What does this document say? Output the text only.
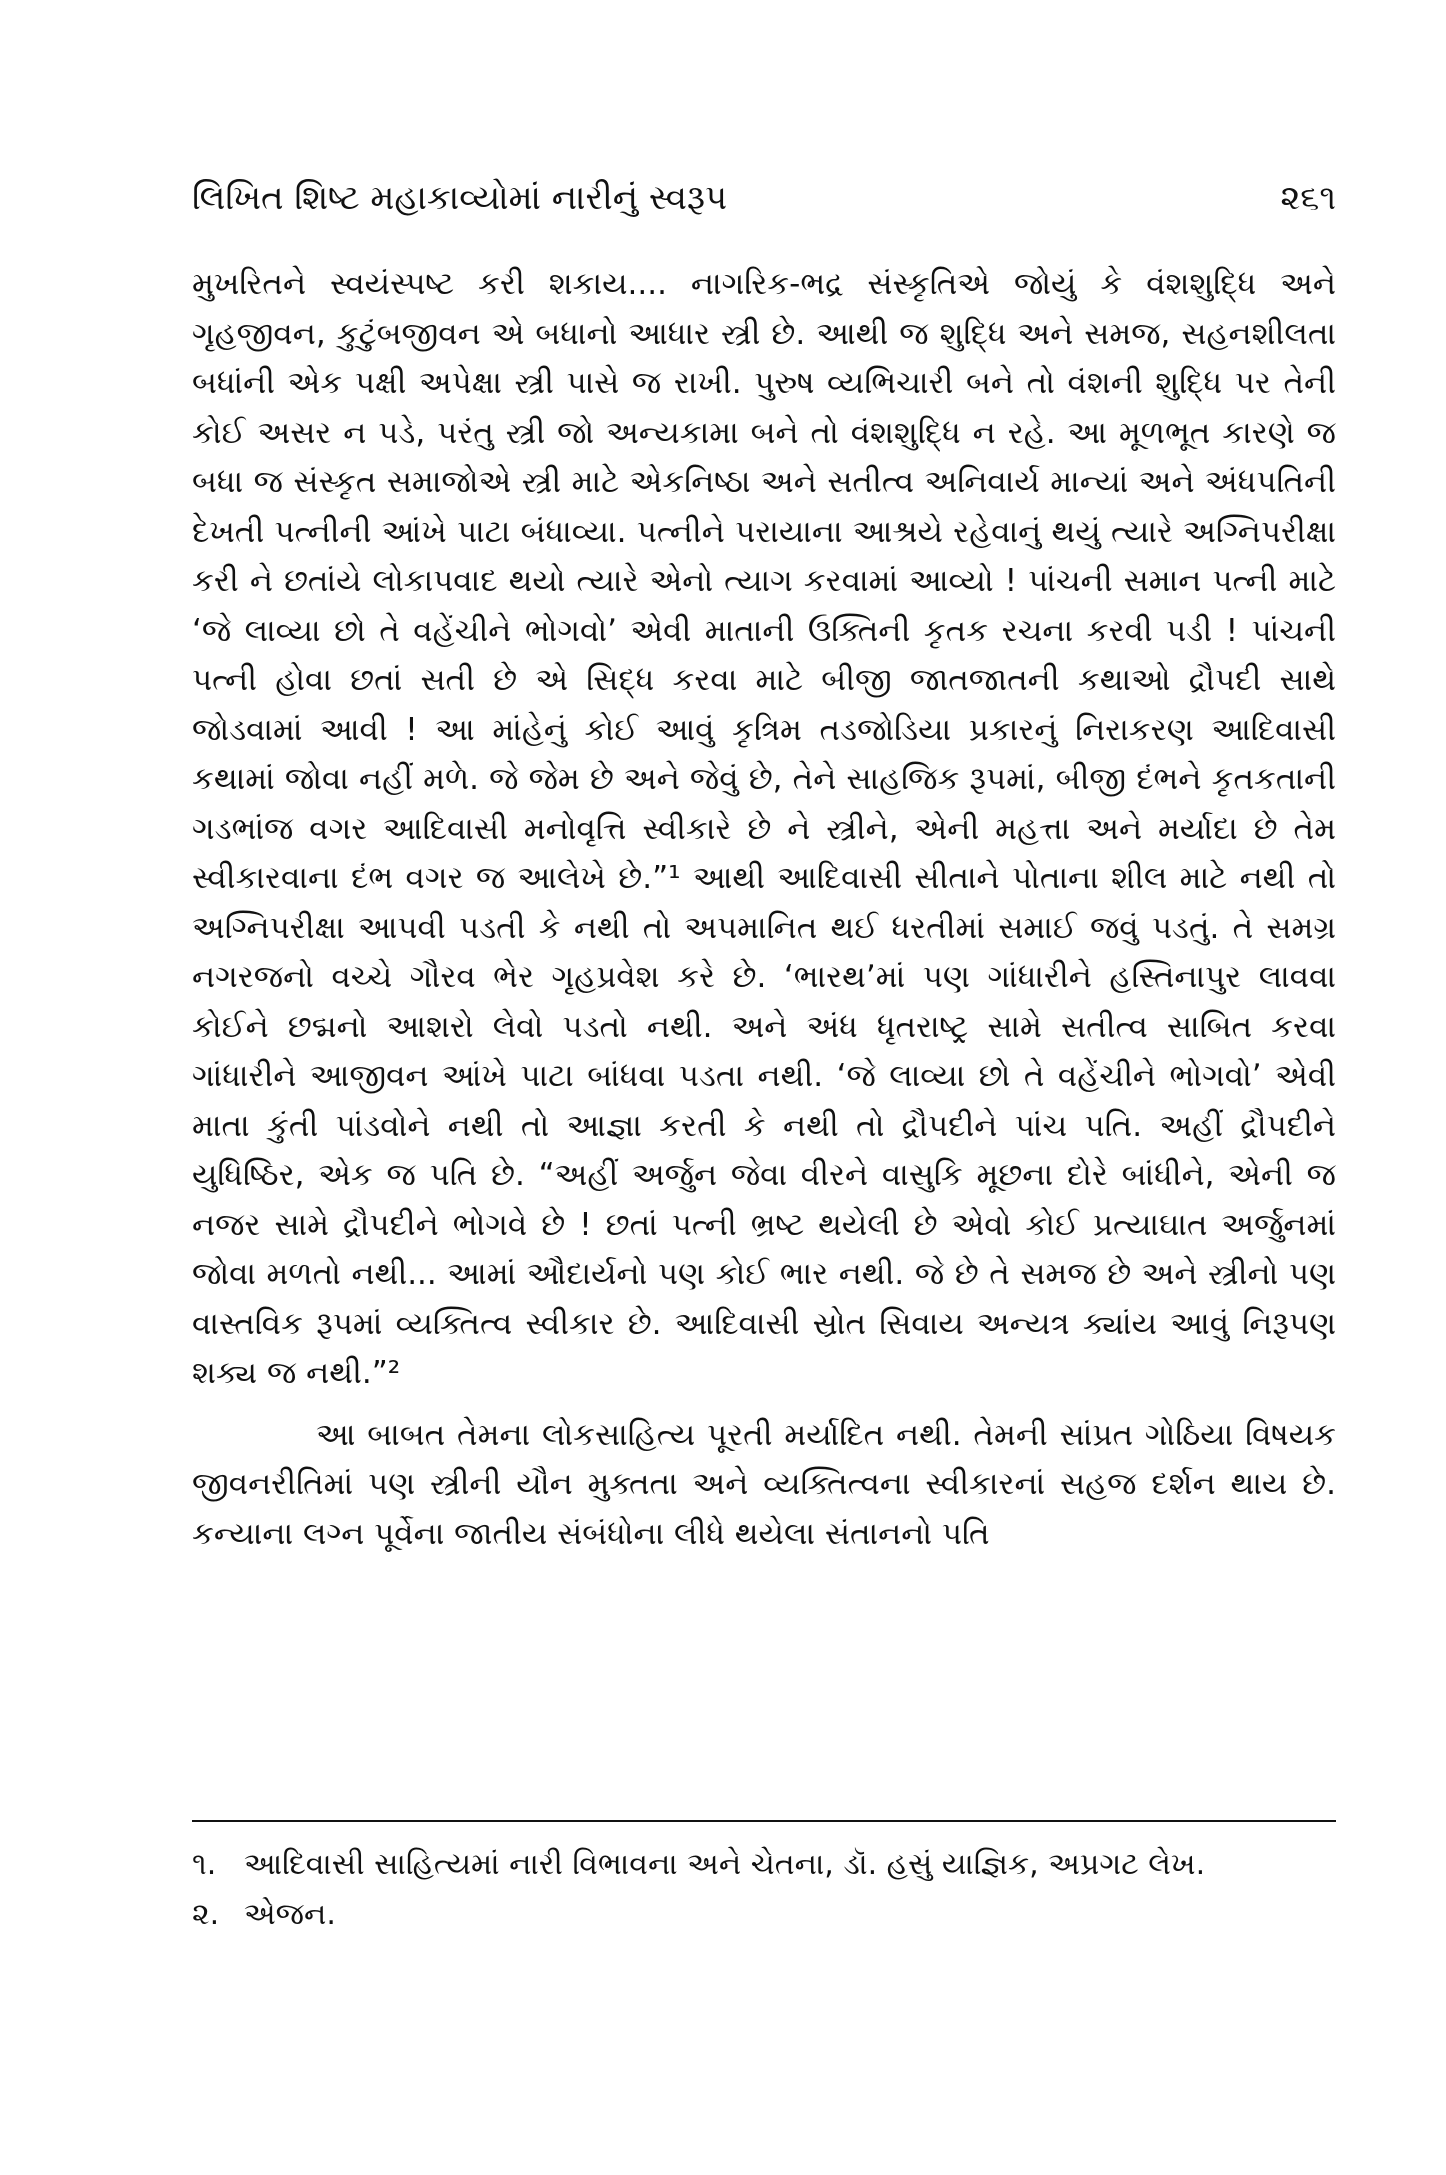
લિખિત શિષ્ટ મહાકાવ્યોમાં નારીનું સ્વરૂપ	૨૬૧

મુખરિતને સ્વયંસ્પષ્ટ કરી શકાય.... નાગરિક-ભદ્ર સંસ્કૃતિએ જોયું કે વંશશુદ્ધિ અને ગૃહજીવન, કુટુંબજીવન એ બધાનો આધાર સ્ત્રી છે. આથી જ શુદ્ધિ અને સમજ, સહનશીલતા બધાંની એક પક્ષી અપેક્ષા સ્ત્રી પાસે જ રાખી. પુરુષ વ્યભિચારી બને તો વંશની શુદ્ધિ પર તેની કોઈ અસર ન પડે, પરંતુ સ્ત્રી જો અન્યકામા બને તો વંશશુદ્ધિ ન રહે. આ મૂળભૂત કારણે જ બધા જ સંસ્કૃત સમાજોએ સ્ત્રી માટે એકનિષ્ઠા અને સતીત્વ અનિવાર્ય માન્યાં અને અંધપતિની દેખતી પત્નીની આંખે પાટા બંધાવ્યા. પત્નીને પરાયાના આશ્રયે રહેવાનું થયું ત્યારે અગ્નિપરીક્ષા કરી ને છતાંયે લોકાપવાદ થયો ત્યારે એનો ત્યાગ કરવામાં આવ્યો ! પાંચની સમાન પત્ની માટે ‘જે લાવ્યા છો તે વહેંચીને ભોગવો’ એવી માતાની ઉક્તિની કૃતક રચના કરવી પડી ! પાંચની પત્ની હોવા છતાં સતી છે એ સિદ્ધ કરવા માટે બીજી જાતજાતની કથાઓ દ્રૌપદી સાથે જોડવામાં આવી ! આ માંહેનું કોઈ આવું કૃત્રિમ તડજોડિયા પ્રકારનું નિરાકરણ આદિવાસી કથામાં જોવા નહીં મળે. જે જેમ છે અને જેવું છે, તેને સાહજિક રૂપમાં, બીજી દંભને કૃતકતાની ગડભાંજ વગર આદિવાસી મનોવૃત્તિ સ્વીકારે છે ને સ્ત્રીને, એની મહત્તા અને મર્યાદા છે તેમ સ્વીકારવાના દંભ વગર જ આલેખે છે.”¹ આથી આદિવાસી સીતાને પોતાના શીલ માટે નથી તો અગ્નિપરીક્ષા આપવી પડતી કે નથી તો અપમાનિત થઈ ધરતીમાં સમાઈ જવું પડતું. તે સમગ્ર નગરજનો વચ્ચે ગૌરવ ભેર ગૃહપ્રવેશ કરે છે. ‘ભારથ’માં પણ ગાંધારીને હસ્તિનાપુર લાવવા કોઈને છદ્મનો આશરો લેવો પડતો નથી. અને અંધ ધૃતરાષ્ટ્ર સામે સતીત્વ સાબિત કરવા ગાંધારીને આજીવન આંખે પાટા બાંધવા પડતા નથી. ‘જે લાવ્યા છો તે વહેંચીને ભોગવો’ એવી માતા કુંતી પાંડવોને નથી તો આજ્ઞા કરતી કે નથી તો દ્રૌપદીને પાંચ પતિ. અહીં દ્રૌપદીને યુધિષ્ઠિર, એક જ પતિ છે. “અહીં અર્જુન જેવા વીરને વાસુકિ મૂછના દોરે બાંધીને, એની જ નજર સામે દ્રૌપદીને ભોગવે છે ! છતાં પત્ની ભ્રષ્ટ થયેલી છે એવો કોઈ પ્રત્યાઘાત અર્જુનમાં જોવા મળતો નથી... આમાં ઔદાર્યનો પણ કોઈ ભાર નથી. જે છે તે સમજ છે અને સ્ત્રીનો પણ વાસ્તવિક રૂપમાં વ્યક્તિત્વ સ્વીકાર છે. આદિવાસી સ્રોત સિવાય અન્યત્ર ક્યાંય આવું નિરૂપણ શક્ય જ નથી.”²

આ બાબત તેમના લોકસાહિત્ય પૂરતી મર્યાદિત નથી. તેમની સાંપ્રત ગોઠિયા વિષયક જીવનરીતિમાં પણ સ્ત્રીની યૌન મુક્તતા અને વ્યક્તિત્વના સ્વીકારનાં સહજ દર્શન થાય છે. કન્યાના લગ્ન પૂર્વેના જાતીય સંબંધોના લીધે થયેલા સંતાનનો પતિ

૧. આદિવાસી સાહિત્યમાં નારી વિભાવના અને ચેતના, ડૉ. હસું યાજ્ઞિક, અપ્રગટ લેખ.

૨. એજન.
